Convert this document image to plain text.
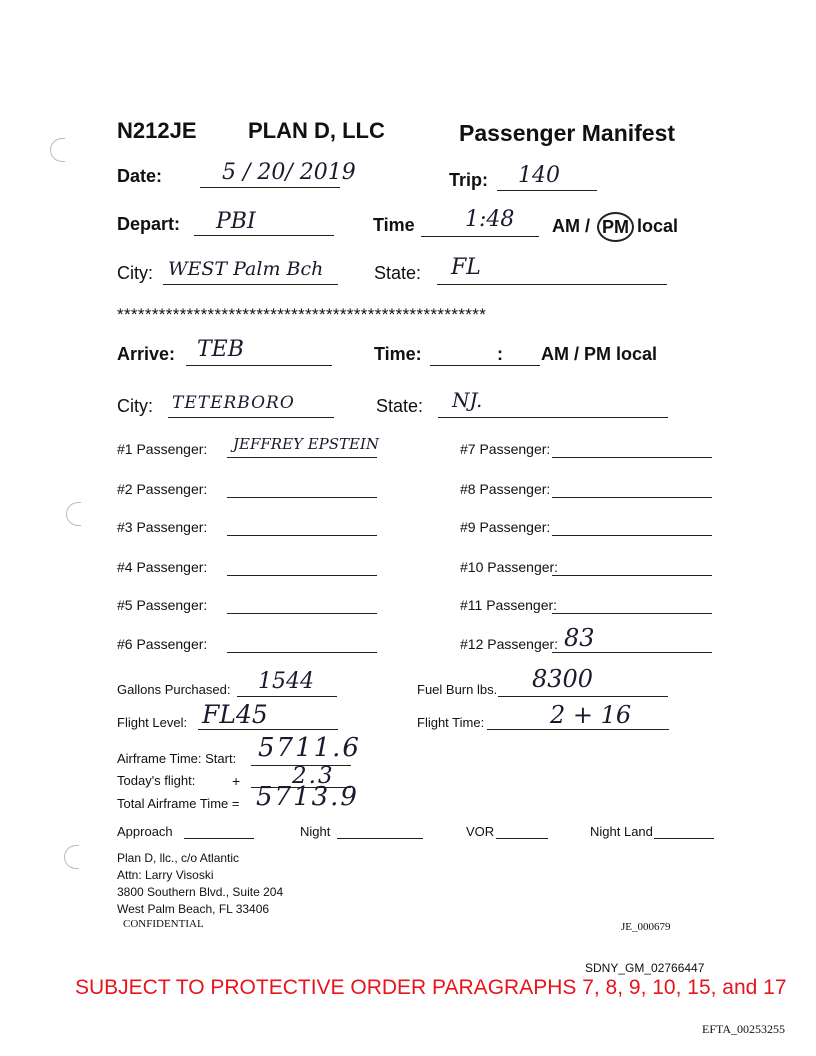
N212JE PLAN D, LLC	Passenger Manifest
Date:	5 / 20/ 2019	Trip: 140
Depart: PBI	Time 1:48 AM / PM local
City: WEST Palm Bch	State: FL
*****************************************************
Arrive: TEB	Time:	: AM / PM local
City: TETERBORO	State: NJ.
#1 Passenger: JEFFREY EPSTEIN
#2 Passenger:
#3 Passenger:
#4 Passenger:
#5 Passenger:
#6 Passenger:
#7 Passenger:
#8 Passenger:
#9 Passenger:
#10 Passenger:
#11 Passenger:
#12 Passenger: 83
Gallons Purchased: 1544	Fuel Burn lbs. 8300
Flight Level: FL45	Flight Time:	2 + 16
Airframe Time: Start: 5711.6
Today's flight:	+ 2.3
Total Airframe Time = 5713.9
Approach	Night	VOR	Night Land
Plan D, llc., c/o Atlantic
Attn: Larry Visoski
3800 Southern Blvd., Suite 204
West Palm Beach, FL 33406
CONFIDENTIAL	JE_000679
SDNY_GM_02766447
SUBJECT TO PROTECTIVE ORDER PARAGRAPHS 7, 8, 9, 10, 15, and 17
EFTA_00253255
